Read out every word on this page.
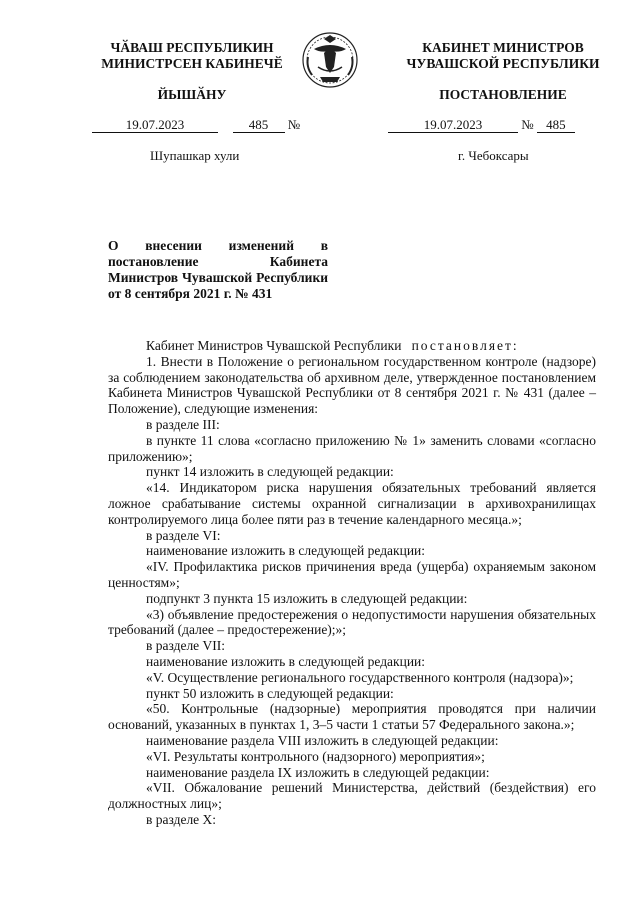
ЧӐВАШ РЕСПУБЛИКИН
МИНИСТРСЕН КАБИНЕЧӖ
КАБИНЕТ МИНИСТРОВ
ЧУВАШСКОЙ РЕСПУБЛИКИ
ЙЫШӐНУ	ПОСТАНОВЛЕНИЕ
19.07.2023	485 №	19.07.2023	№ 485
Шупашкар хули	г. Чебоксары
О внесении изменений в постановление Кабинета Министров Чувашской Республики от 8 сентября 2021 г. № 431

Кабинет Министров Чувашской Республики постановляет:

1. Внести в Положение о региональном государственном контроле (надзоре) за соблюдением законодательства об архивном деле, утвержденное постановлением Кабинета Министров Чувашской Республики от 8 сентября 2021 г. № 431 (далее – Положение), следующие изменения:

в разделе III:

в пункте 11 слова «согласно приложению № 1» заменить словами «согласно приложению»;

пункт 14 изложить в следующей редакции:

«14. Индикатором риска нарушения обязательных требований является ложное срабатывание системы охранной сигнализации в архивохранилищах контролируемого лица более пяти раз в течение календарного месяца.»;

в разделе VI:

наименование изложить в следующей редакции:

«IV. Профилактика рисков причинения вреда (ущерба) охраняемым законом ценностям»;

подпункт 3 пункта 15 изложить в следующей редакции:

«3) объявление предостережения о недопустимости нарушения обязательных требований (далее – предостережение);»;

в разделе VII:

наименование изложить в следующей редакции:

«V. Осуществление регионального государственного контроля (надзора)»;

пункт 50 изложить в следующей редакции:

«50. Контрольные (надзорные) мероприятия проводятся при наличии оснований, указанных в пунктах 1, 3–5 части 1 статьи 57 Федерального закона.»;

наименование раздела VIII изложить в следующей редакции:

«VI. Результаты контрольного (надзорного) мероприятия»;

наименование раздела IX изложить в следующей редакции:

«VII. Обжалование решений Министерства, действий (бездействия) его должностных лиц»;

в разделе X:
